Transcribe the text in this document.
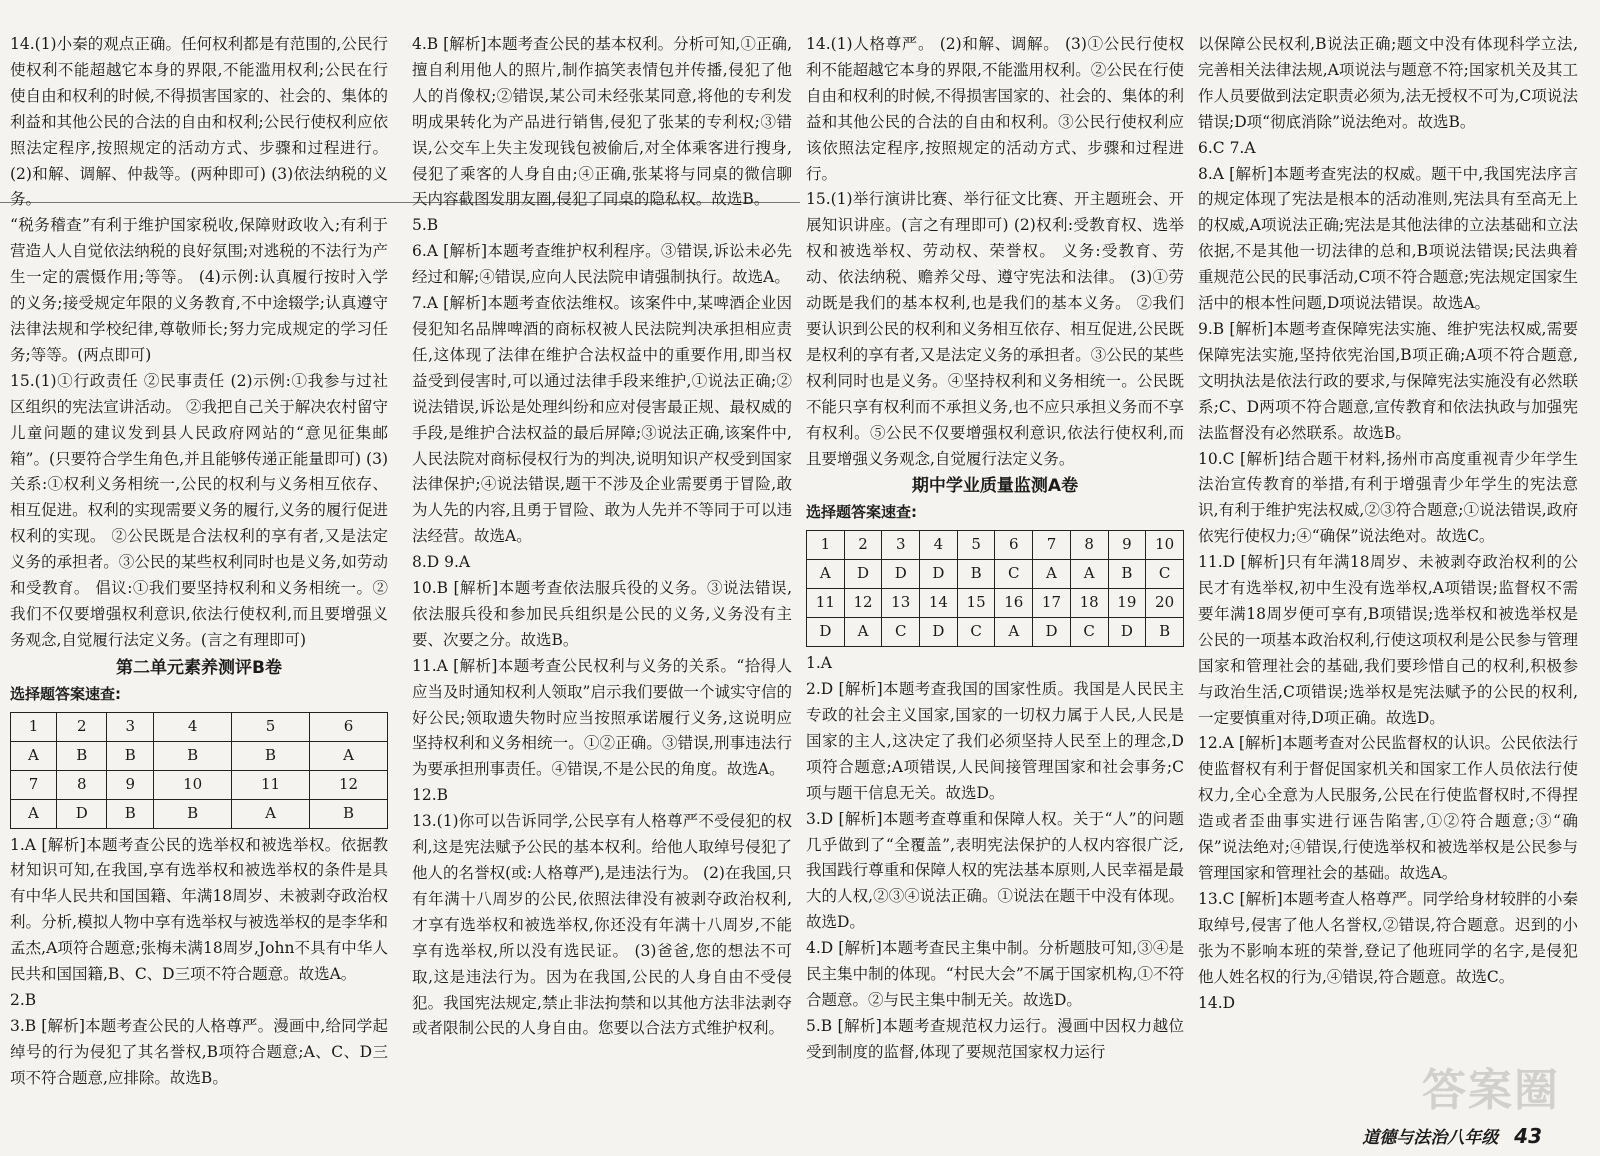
14.(1)小秦的观点正确。任何权利都是有范围的,公民行使权利不能超越它本身的界限,不能滥用权利;公民在行使自由和权利的时候,不得损害国家的、社会的、集体的利益和其他公民的合法的自由和权利;公民行使权利应依照法定程序,按照规定的活动方式、步骤和过程进行。 (2)和解、调解、仲裁等。(两种即可) (3)依法纳税的义务。

“税务稽查”有利于维护国家税收,保障财政收入;有利于营造人人自觉依法纳税的良好氛围;对逃税的不法行为产生一定的震慑作用;等等。 (4)示例:认真履行按时入学的义务;接受规定年限的义务教育,不中途辍学;认真遵守法律法规和学校纪律,尊敬师长;努力完成规定的学习任务;等等。(两点即可)

15.(1)①行政责任 ②民事责任 (2)示例:①我参与过社区组织的宪法宣讲活动。 ②我把自己关于解决农村留守儿童问题的建议发到县人民政府网站的“意见征集邮箱”。(只要符合学生角色,并且能够传递正能量即可) (3)关系:①权利义务相统一,公民的权利与义务相互依存、相互促进。权利的实现需要义务的履行,义务的履行促进权利的实现。 ②公民既是合法权利的享有者,又是法定义务的承担者。③公民的某些权利同时也是义务,如劳动和受教育。 倡议:①我们要坚持权利和义务相统一。②我们不仅要增强权利意识,依法行使权利,而且要增强义务观念,自觉履行法定义务。(言之有理即可)

第二单元素养测评B卷

选择题答案速查:

1	2	3	4	5	6
A	B	B	B	B	A
7	8	9	10	11	12
A	D	B	B	A	B

1.A [解析]本题考查公民的选举权和被选举权。依据教材知识可知,在我国,享有选举权和被选举权的条件是具有中华人民共和国国籍、年满18周岁、未被剥夺政治权利。分析,模拟人物中享有选举权与被选举权的是李华和孟杰,A项符合题意;张梅未满18周岁,John不具有中华人民共和国国籍,B、C、D三项不符合题意。故选A。

2.B

3.B [解析]本题考查公民的人格尊严。漫画中,给同学起绰号的行为侵犯了其名誉权,B项符合题意;A、C、D三项不符合题意,应排除。故选B。

4.B [解析]本题考查公民的基本权利。分析可知,①正确,擅自利用他人的照片,制作搞笑表情包并传播,侵犯了他人的肖像权;②错误,某公司未经张某同意,将他的专利发明成果转化为产品进行销售,侵犯了张某的专利权;③错误,公交车上失主发现钱包被偷后,对全体乘客进行搜身,侵犯了乘客的人身自由;④正确,张某将与同桌的微信聊天内容截图发朋友圈,侵犯了同桌的隐私权。故选B。

5.B

6.A [解析]本题考查维护权利程序。③错误,诉讼未必先经过和解;④错误,应向人民法院申请强制执行。故选A。

7.A [解析]本题考查依法维权。该案件中,某啤酒企业因侵犯知名品牌啤酒的商标权被人民法院判决承担相应责任,这体现了法律在维护合法权益中的重要作用,即当权益受到侵害时,可以通过法律手段来维护,①说法正确;②说法错误,诉讼是处理纠纷和应对侵害最正规、最权威的手段,是维护合法权益的最后屏障;③说法正确,该案件中,人民法院对商标侵权行为的判决,说明知识产权受到国家法律保护;④说法错误,题干不涉及企业需要勇于冒险,敢为人先的内容,且勇于冒险、敢为人先并不等同于可以违法经营。故选A。

8.D 9.A

10.B [解析]本题考查依法服兵役的义务。③说法错误,依法服兵役和参加民兵组织是公民的义务,义务没有主要、次要之分。故选B。

11.A [解析]本题考查公民权利与义务的关系。“拾得人应当及时通知权利人领取”启示我们要做一个诚实守信的好公民;领取遗失物时应当按照承诺履行义务,这说明应坚持权利和义务相统一。①②正确。③错误,刑事违法行为要承担刑事责任。④错误,不是公民的角度。故选A。

12.B

13.(1)你可以告诉同学,公民享有人格尊严不受侵犯的权利,这是宪法赋予公民的基本权利。给他人取绰号侵犯了他人的名誉权(或:人格尊严),是违法行为。 (2)在我国,只有年满十八周岁的公民,依照法律没有被剥夺政治权利,才享有选举权和被选举权,你还没有年满十八周岁,不能享有选举权,所以没有选民证。 (3)爸爸,您的想法不可取,这是违法行为。因为在我国,公民的人身自由不受侵犯。我国宪法规定,禁止非法拘禁和以其他方法非法剥夺或者限制公民的人身自由。您要以合法方式维护权利。

14.(1)人格尊严。 (2)和解、调解。 (3)①公民行使权利不能超越它本身的界限,不能滥用权利。②公民在行使自由和权利的时候,不得损害国家的、社会的、集体的利益和其他公民的合法的自由和权利。③公民行使权利应该依照法定程序,按照规定的活动方式、步骤和过程进行。

15.(1)举行演讲比赛、举行征文比赛、开主题班会、开展知识讲座。(言之有理即可) (2)权利:受教育权、选举权和被选举权、劳动权、荣誉权。 义务:受教育、劳动、依法纳税、赡养父母、遵守宪法和法律。 (3)①劳动既是我们的基本权利,也是我们的基本义务。 ②我们要认识到公民的权利和义务相互依存、相互促进,公民既是权利的享有者,又是法定义务的承担者。③公民的某些权利同时也是义务。④坚持权利和义务相统一。公民既不能只享有权利而不承担义务,也不应只承担义务而不享有权利。⑤公民不仅要增强权利意识,依法行使权利,而且要增强义务观念,自觉履行法定义务。

期中学业质量监测A卷

选择题答案速查:

1	2	3	4	5	6	7	8	9	10
A	D	D	D	B	C	A	A	B	C
11	12	13	14	15	16	17	18	19	20
D	A	C	D	C	A	D	C	D	B

1.A

2.D [解析]本题考查我国的国家性质。我国是人民民主专政的社会主义国家,国家的一切权力属于人民,人民是国家的主人,这决定了我们必须坚持人民至上的理念,D项符合题意;A项错误,人民间接管理国家和社会事务;C项与题干信息无关。故选D。

3.D [解析]本题考查尊重和保障人权。关于“人”的问题几乎做到了“全覆盖”,表明宪法保护的人权内容很广泛,我国践行尊重和保障人权的宪法基本原则,人民幸福是最大的人权,②③④说法正确。①说法在题干中没有体现。故选D。

4.D [解析]本题考查民主集中制。分析题肢可知,③④是民主集中制的体现。“村民大会”不属于国家机构,①不符合题意。②与民主集中制无关。故选D。

5.B [解析]本题考查规范权力运行。漫画中因权力越位受到制度的监督,体现了要规范国家权力运行

以保障公民权利,B说法正确;题文中没有体现科学立法,完善相关法律法规,A项说法与题意不符;国家机关及其工作人员要做到法定职责必须为,法无授权不可为,C项说法错误;D项“彻底消除”说法绝对。故选B。

6.C 7.A

8.A [解析]本题考查宪法的权威。题干中,我国宪法序言的规定体现了宪法是根本的活动准则,宪法具有至高无上的权威,A项说法正确;宪法是其他法律的立法基础和立法依据,不是其他一切法律的总和,B项说法错误;民法典着重规范公民的民事活动,C项不符合题意;宪法规定国家生活中的根本性问题,D项说法错误。故选A。

9.B [解析]本题考查保障宪法实施、维护宪法权威,需要保障宪法实施,坚持依宪治国,B项正确;A项不符合题意,文明执法是依法行政的要求,与保障宪法实施没有必然联系;C、D两项不符合题意,宣传教育和依法执政与加强宪法监督没有必然联系。故选B。

10.C [解析]结合题干材料,扬州市高度重视青少年学生法治宣传教育的举措,有利于增强青少年学生的宪法意识,有利于维护宪法权威,②③符合题意;①说法错误,政府依宪行使权力;④“确保”说法绝对。故选C。

11.D [解析]只有年满18周岁、未被剥夺政治权利的公民才有选举权,初中生没有选举权,A项错误;监督权不需要年满18周岁便可享有,B项错误;选举权和被选举权是公民的一项基本政治权利,行使这项权利是公民参与管理国家和管理社会的基础,我们要珍惜自己的权利,积极参与政治生活,C项错误;选举权是宪法赋予的公民的权利,一定要慎重对待,D项正确。故选D。

12.A [解析]本题考查对公民监督权的认识。公民依法行使监督权有利于督促国家机关和国家工作人员依法行使权力,全心全意为人民服务,公民在行使监督权时,不得捏造或者歪曲事实进行诬告陷害,①②符合题意;③“确保”说法绝对;④错误,行使选举权和被选举权是公民参与管理国家和管理社会的基础。故选A。

13.C [解析]本题考查人格尊严。同学给身材较胖的小秦取绰号,侵害了他人名誉权,②错误,符合题意。迟到的小张为不影响本班的荣誉,登记了他班同学的名字,是侵犯他人姓名权的行为,④错误,符合题意。故选C。

14.D

答案圈
道德与法治八年级 43
